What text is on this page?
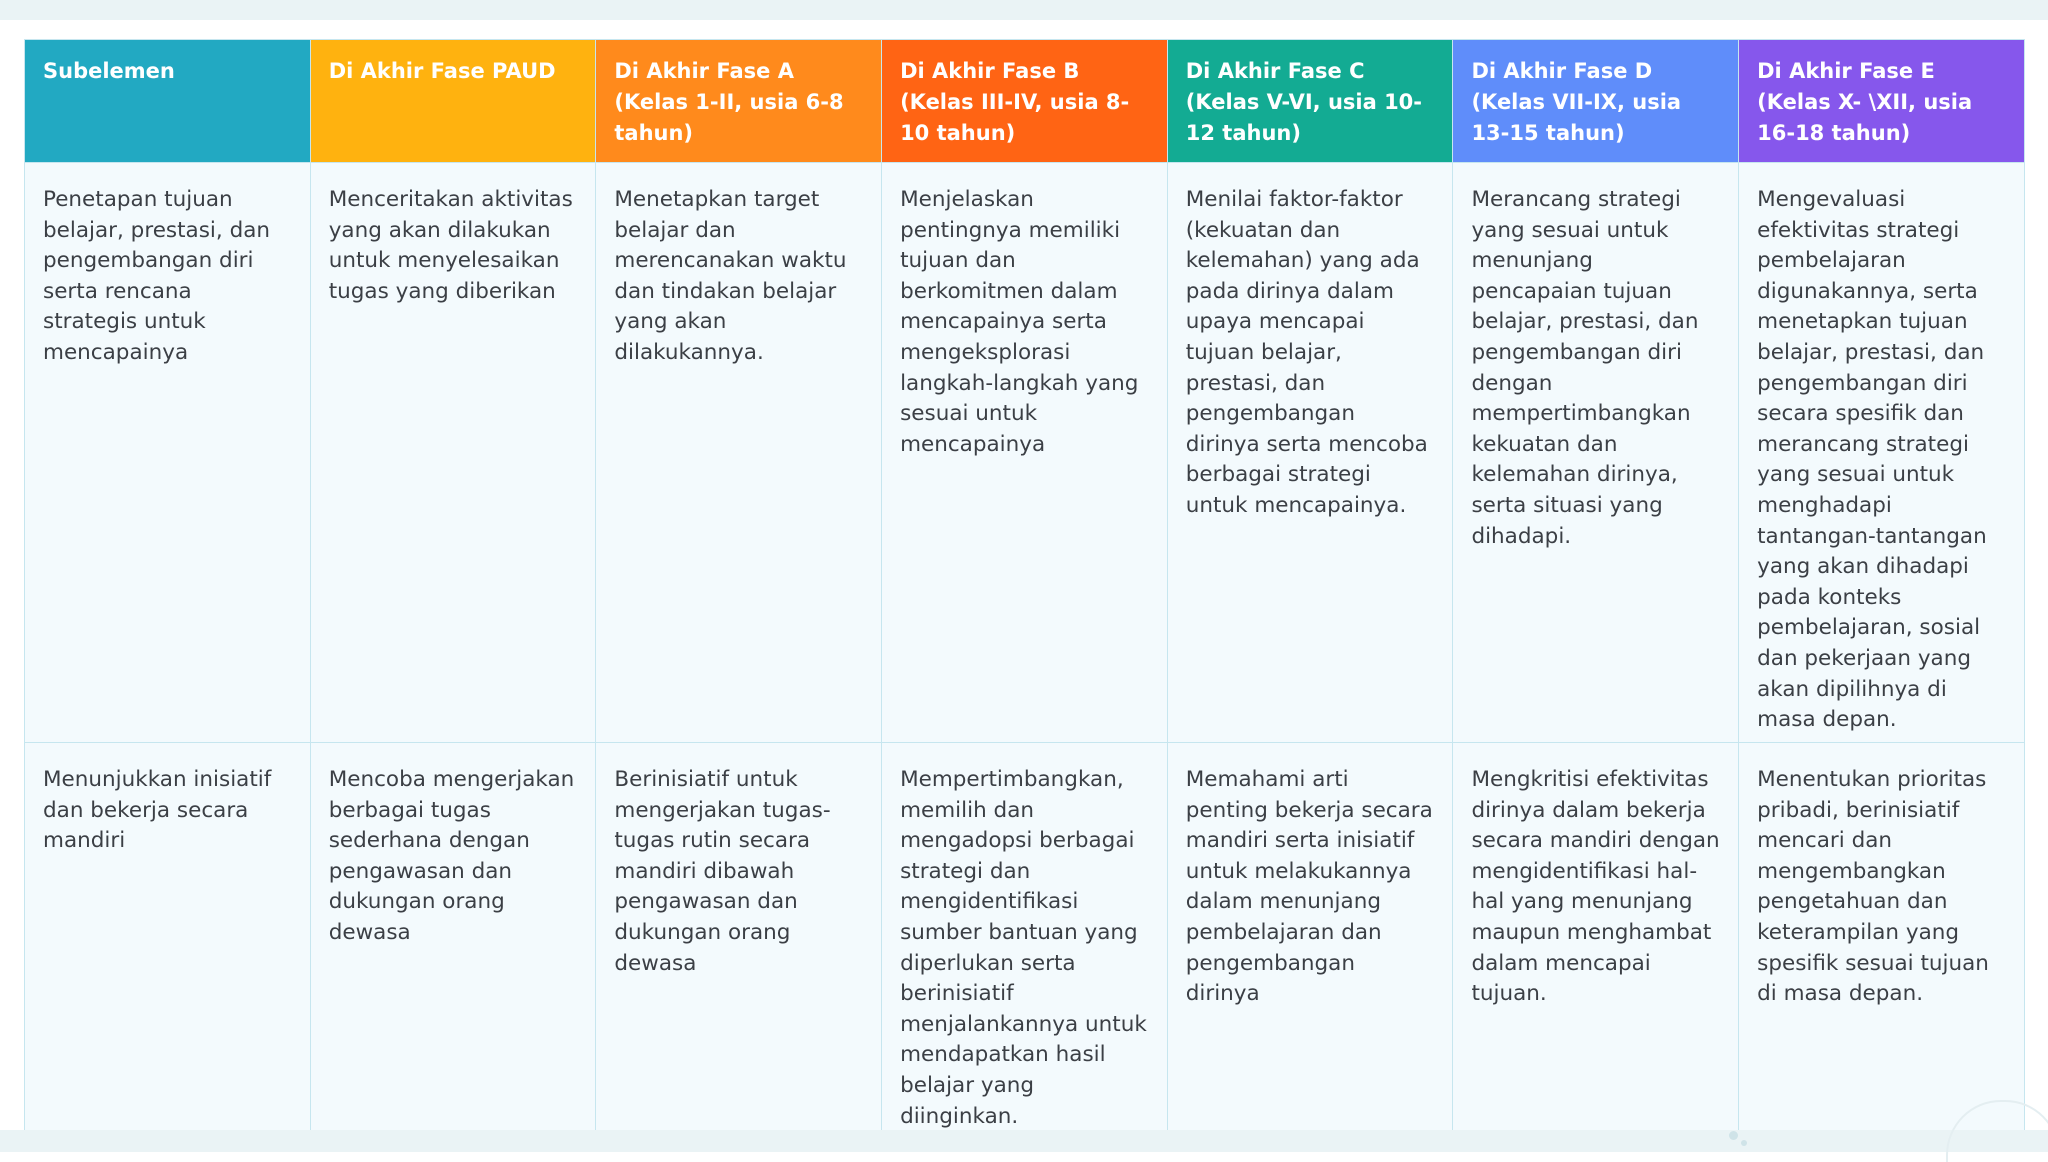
Subelemen	Di Akhir Fase PAUD	Di Akhir Fase A (Kelas 1-II, usia 6-8 tahun)	Di Akhir Fase B (Kelas III-IV, usia 8-10 tahun)	Di Akhir Fase C (Kelas V-VI, usia 10-12 tahun)	Di Akhir Fase D (Kelas VII-IX, usia 13-15 tahun)	Di Akhir Fase E (Kelas X- \XII, usia 16-18 tahun)
Penetapan tujuan belajar, prestasi, dan pengembangan diri serta rencana strategis untuk mencapainya	Menceritakan aktivitas yang akan dilakukan untuk menyelesaikan tugas yang diberikan	Menetapkan target belajar dan merencanakan waktu dan tindakan belajar yang akan dilakukannya.	Menjelaskan pentingnya memiliki tujuan dan berkomitmen dalam mencapainya serta mengeksplorasi langkah-langkah yang sesuai untuk mencapainya	Menilai faktor-faktor (kekuatan dan kelemahan) yang ada pada dirinya dalam upaya mencapai tujuan belajar, prestasi, dan pengembangan dirinya serta mencoba berbagai strategi untuk mencapainya.	Merancang strategi yang sesuai untuk menunjang pencapaian tujuan belajar, prestasi, dan pengembangan diri dengan mempertimbangkan kekuatan dan kelemahan dirinya, serta situasi yang dihadapi.	Mengevaluasi efektivitas strategi pembelajaran digunakannya, serta menetapkan tujuan belajar, prestasi, dan pengembangan diri secara spesifik dan merancang strategi yang sesuai untuk menghadapi tantangan-tantangan yang akan dihadapi pada konteks pembelajaran, sosial dan pekerjaan yang akan dipilihnya di masa depan.
Menunjukkan inisiatif dan bekerja secara mandiri	Mencoba mengerjakan berbagai tugas sederhana dengan pengawasan dan dukungan orang dewasa	Berinisiatif untuk mengerjakan tugas-tugas rutin secara mandiri dibawah pengawasan dan dukungan orang dewasa	Mempertimbangkan, memilih dan mengadopsi berbagai strategi dan mengidentifikasi sumber bantuan yang diperlukan serta berinisiatif menjalankannya untuk mendapatkan hasil belajar yang diinginkan.	Memahami arti penting bekerja secara mandiri serta inisiatif untuk melakukannya dalam menunjang pembelajaran dan pengembangan dirinya	Mengkritisi efektivitas dirinya dalam bekerja secara mandiri dengan mengidentifikasi hal-hal yang menunjang maupun menghambat dalam mencapai tujuan.	Menentukan prioritas pribadi, berinisiatif mencari dan mengembangkan pengetahuan dan keterampilan yang spesifik sesuai tujuan di masa depan.
